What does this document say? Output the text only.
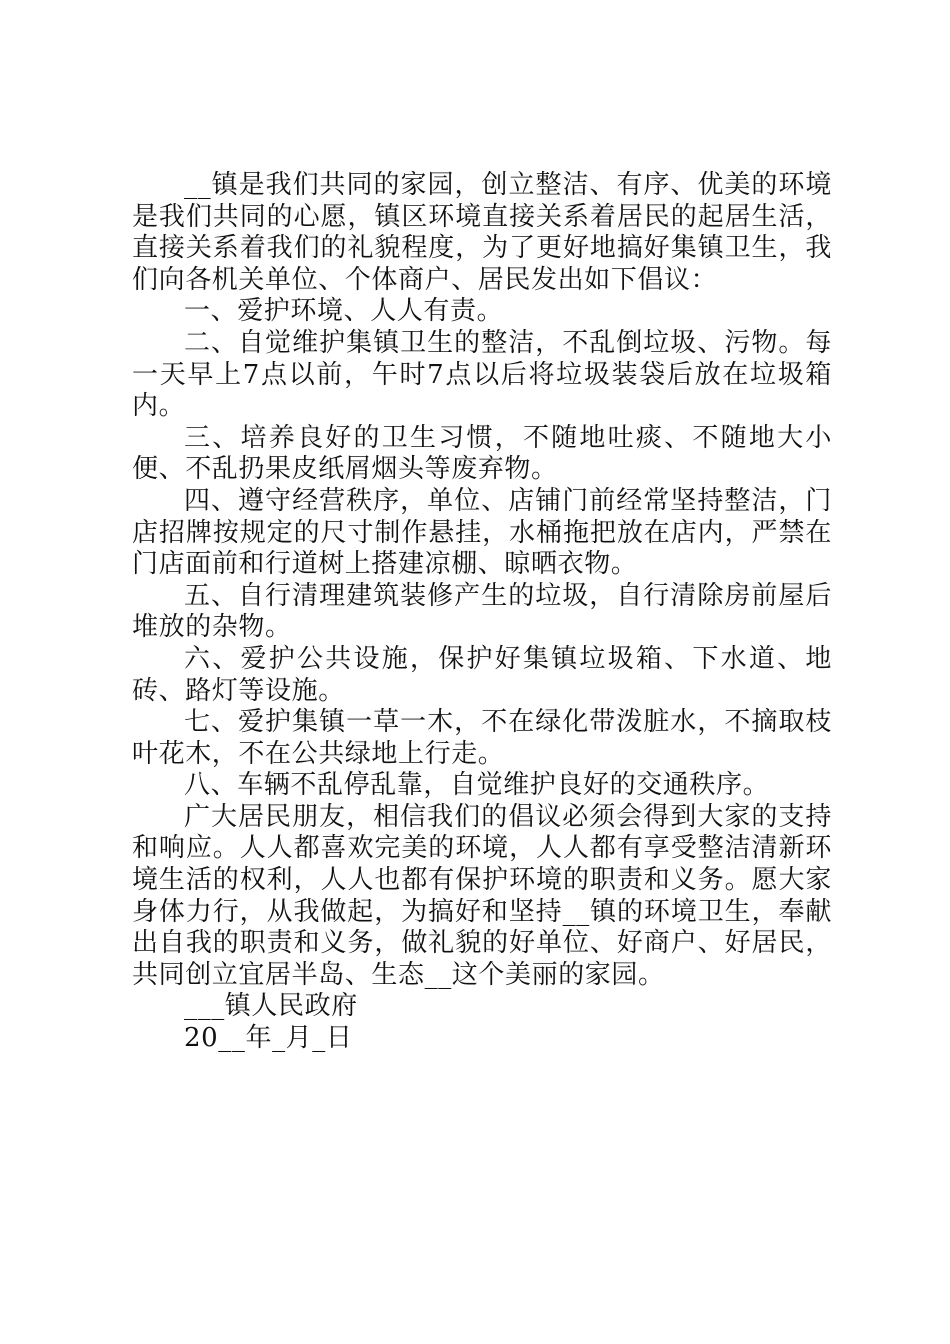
__镇是我们共同的家园，创立整洁、有序、优美的环境是我们共同的心愿，镇区环境直接关系着居民的起居生活，直接关系着我们的礼貌程度，为了更好地搞好集镇卫生，我们向各机关单位、个体商户、居民发出如下倡议：

一、爱护环境、人人有责。

二、自觉维护集镇卫生的整洁，不乱倒垃圾、污物。每一天早上7点以前，午时7点以后将垃圾装袋后放在垃圾箱内。

三、培养良好的卫生习惯，不随地吐痰、不随地大小便、不乱扔果皮纸屑烟头等废弃物。

四、遵守经营秩序，单位、店铺门前经常坚持整洁，门店招牌按规定的尺寸制作悬挂，水桶拖把放在店内，严禁在门店面前和行道树上搭建凉棚、晾晒衣物。

五、自行清理建筑装修产生的垃圾，自行清除房前屋后堆放的杂物。

六、爱护公共设施，保护好集镇垃圾箱、下水道、地砖、路灯等设施。

七、爱护集镇一草一木，不在绿化带泼脏水，不摘取枝叶花木，不在公共绿地上行走。

八、车辆不乱停乱靠，自觉维护良好的交通秩序。

广大居民朋友，相信我们的倡议必须会得到大家的支持和响应。人人都喜欢完美的环境，人人都有享受整洁清新环境生活的权利，人人也都有保护环境的职责和义务。愿大家身体力行，从我做起，为搞好和坚持__镇的环境卫生，奉献出自我的职责和义务，做礼貌的好单位、好商户、好居民，共同创立宜居半岛、生态__这个美丽的家园。

___镇人民政府

20__年_月_日
